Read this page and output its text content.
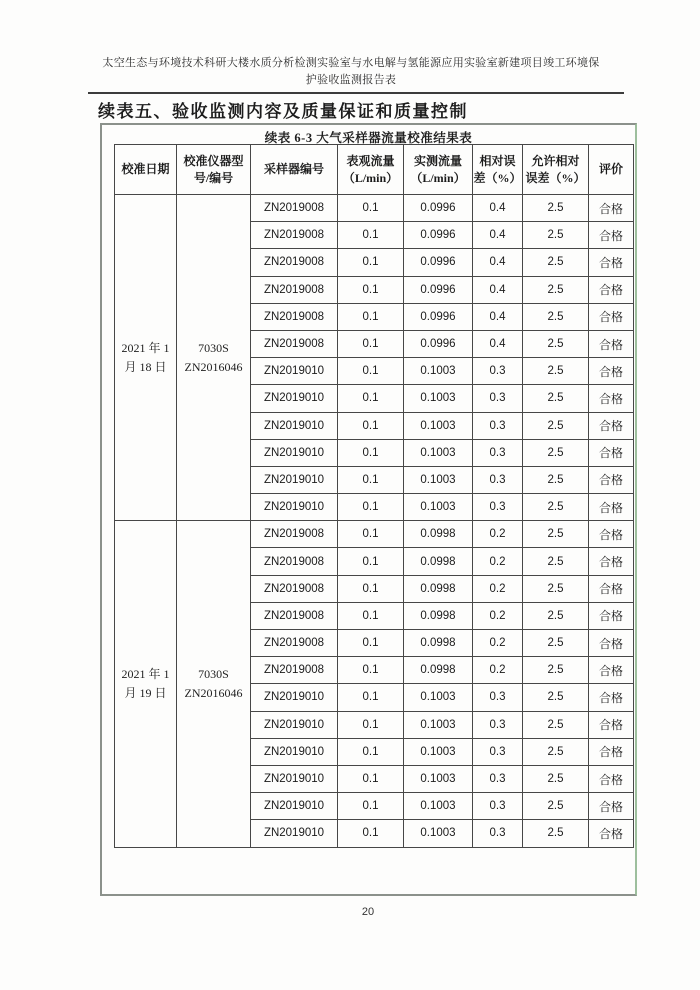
太空生态与环境技术科研大楼水质分析检测实验室与水电解与氢能源应用实验室新建项目竣工环境保
护验收监测报告表
续表五、验收监测内容及质量保证和质量控制
续表 6-3 大气采样器流量校准结果表
校准日期	校准仪器型
号/编号	采样器编号	表观流量
（L/min）	实测流量
（L/min）	相对误
差（%）	允许相对
误差（%）	评价
2021 年 1
月 18 日	7030S
ZN2016046	ZN2019008	0.1	0.0996	0.4	2.5	合格
		ZN2019008	0.1	0.0996	0.4	2.5	合格
		ZN2019008	0.1	0.0996	0.4	2.5	合格
		ZN2019008	0.1	0.0996	0.4	2.5	合格
		ZN2019008	0.1	0.0996	0.4	2.5	合格
		ZN2019008	0.1	0.0996	0.4	2.5	合格
		ZN2019010	0.1	0.1003	0.3	2.5	合格
		ZN2019010	0.1	0.1003	0.3	2.5	合格
		ZN2019010	0.1	0.1003	0.3	2.5	合格
		ZN2019010	0.1	0.1003	0.3	2.5	合格
		ZN2019010	0.1	0.1003	0.3	2.5	合格
		ZN2019010	0.1	0.1003	0.3	2.5	合格
2021 年 1
月 19 日	7030S
ZN2016046	ZN2019008	0.1	0.0998	0.2	2.5	合格
		ZN2019008	0.1	0.0998	0.2	2.5	合格
		ZN2019008	0.1	0.0998	0.2	2.5	合格
		ZN2019008	0.1	0.0998	0.2	2.5	合格
		ZN2019008	0.1	0.0998	0.2	2.5	合格
		ZN2019008	0.1	0.0998	0.2	2.5	合格
		ZN2019010	0.1	0.1003	0.3	2.5	合格
		ZN2019010	0.1	0.1003	0.3	2.5	合格
		ZN2019010	0.1	0.1003	0.3	2.5	合格
		ZN2019010	0.1	0.1003	0.3	2.5	合格
		ZN2019010	0.1	0.1003	0.3	2.5	合格
		ZN2019010	0.1	0.1003	0.3	2.5	合格
20
